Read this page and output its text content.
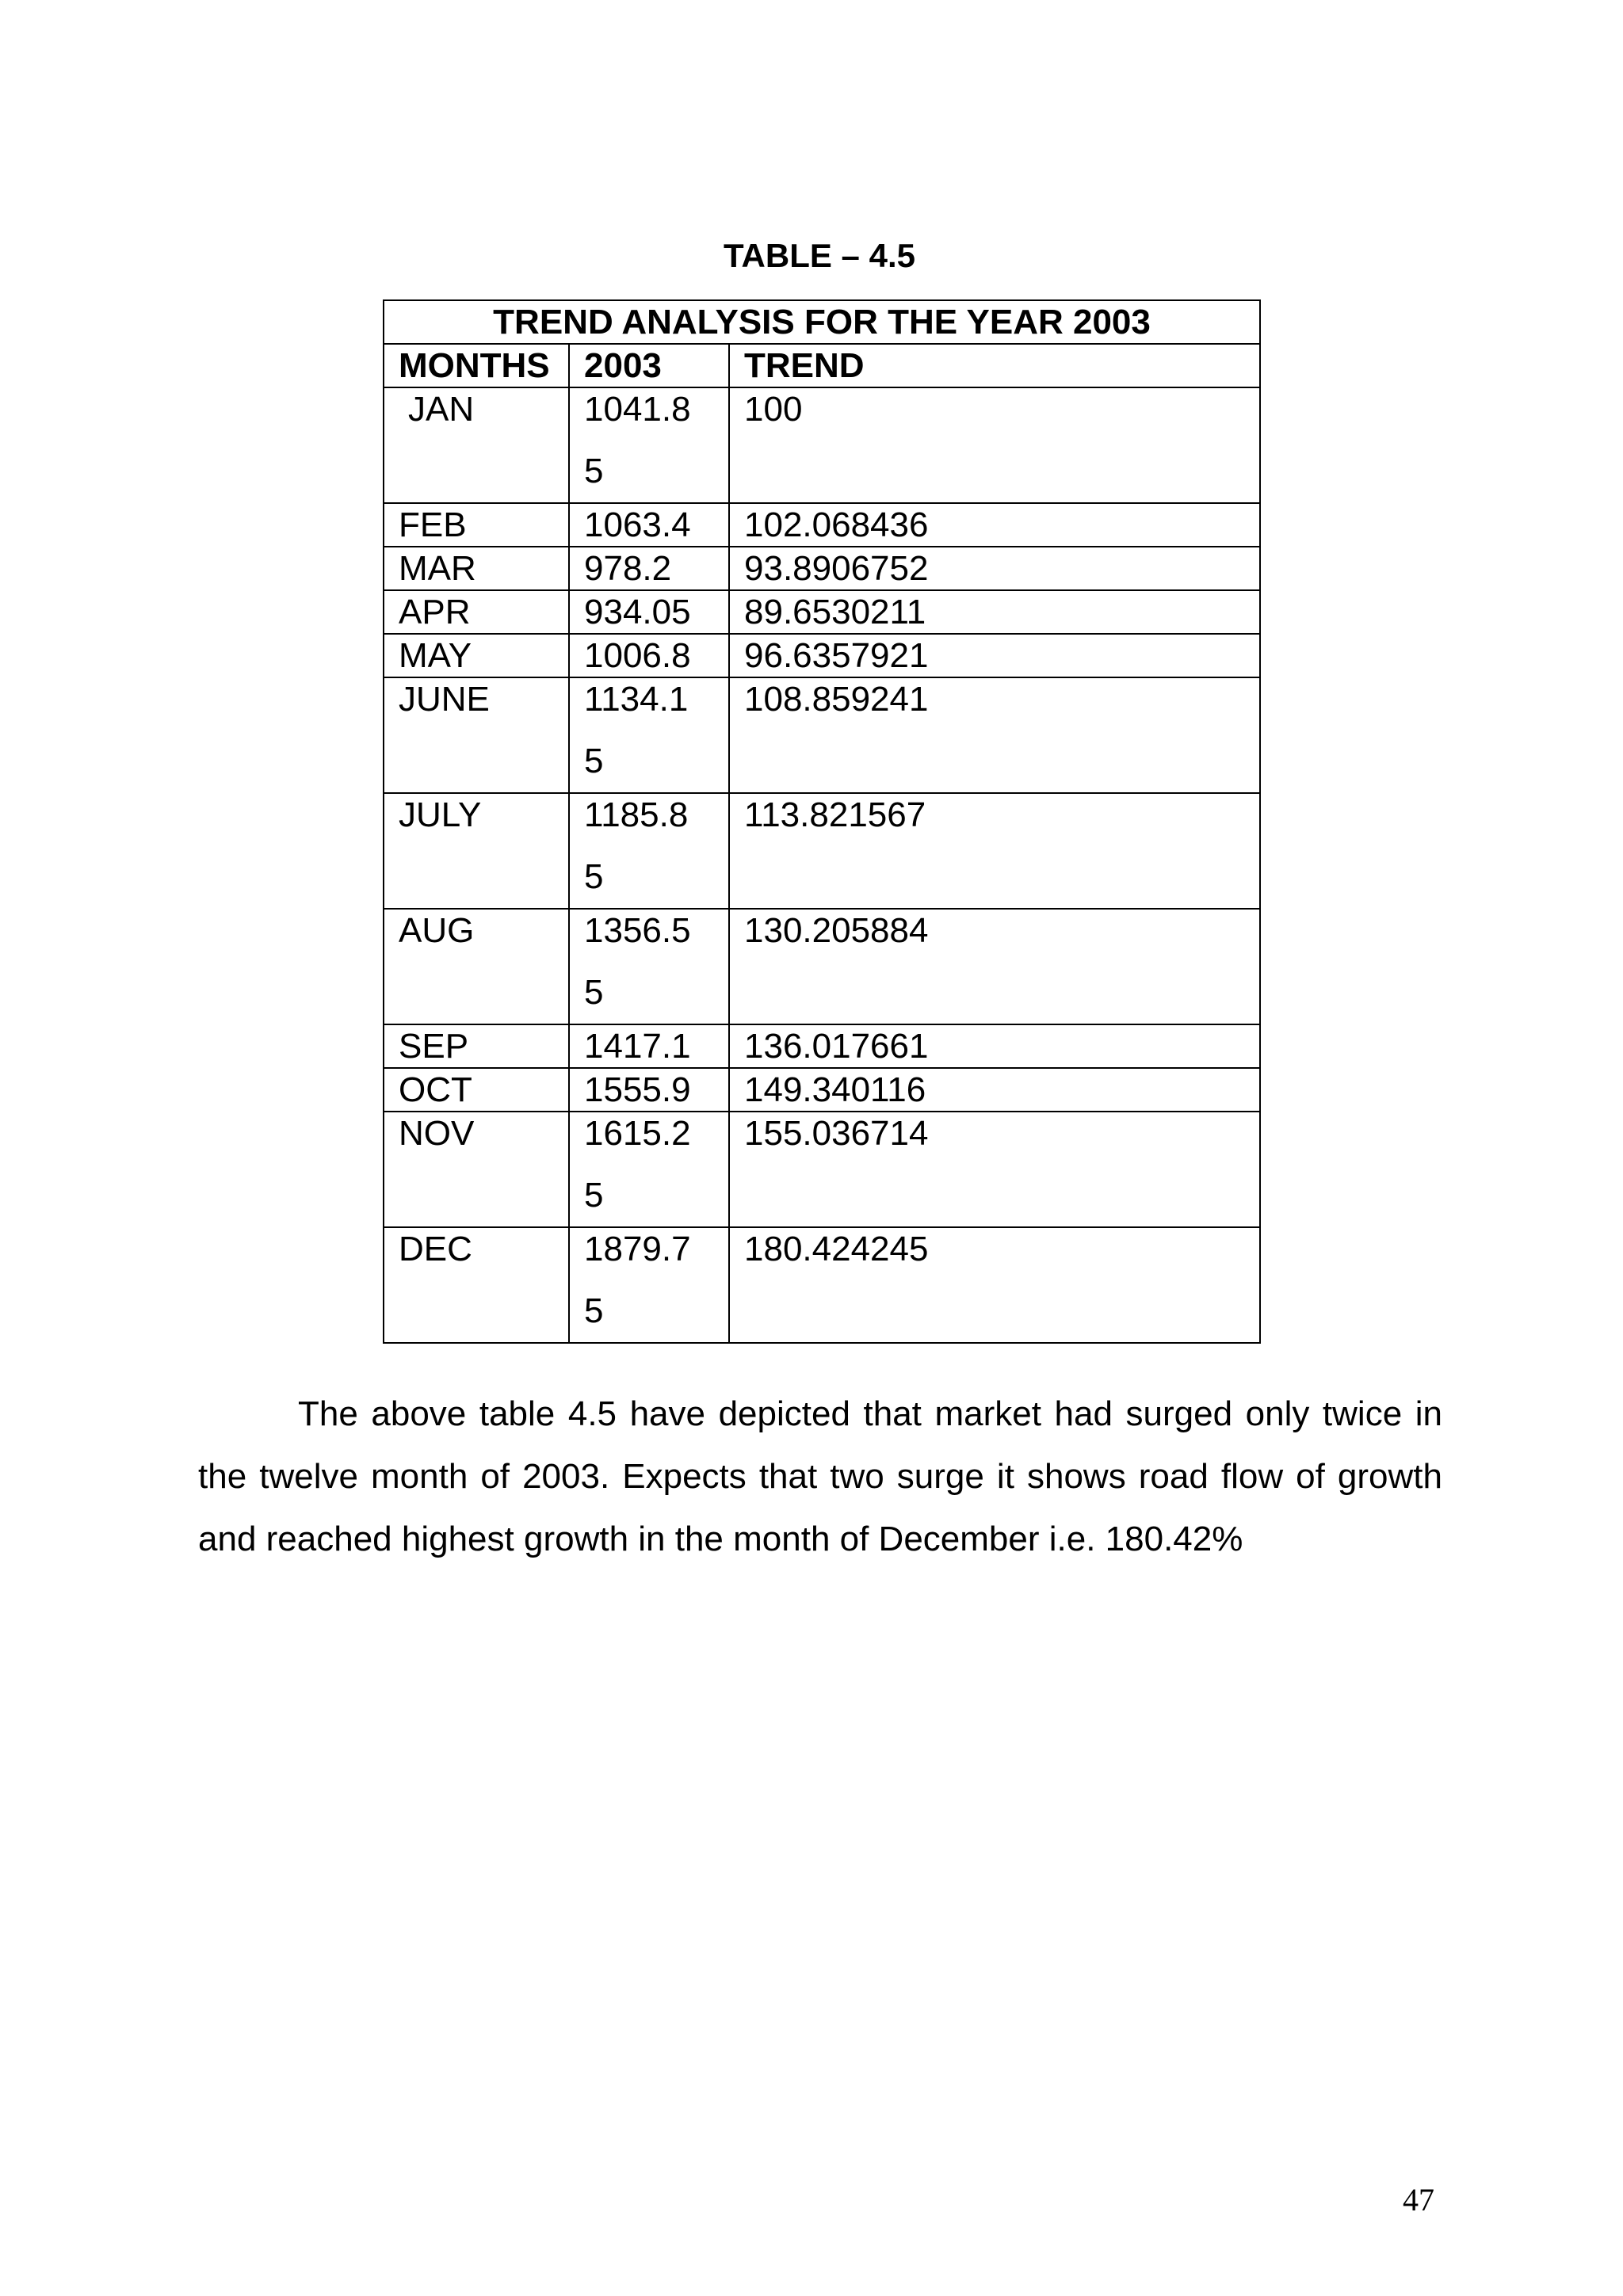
TABLE – 4.5
TREND ANALYSIS FOR THE YEAR 2003		
MONTHS	2003	TREND
JAN	1041.85	100
FEB	1063.4	102.068436
MAR	978.2	93.8906752
APR	934.05	89.6530211
MAY	1006.8	96.6357921
JUNE	1134.15	108.859241
JULY	1185.85	113.821567
AUG	1356.55	130.205884
SEP	1417.1	136.017661
OCT	1555.9	149.340116
NOV	1615.25	155.036714
DEC	1879.75	180.424245

The above table 4.5 have depicted that market had surged only twice in the twelve month of 2003. Expects that two surge it shows road flow of growth and reached highest growth in the month of December i.e. 180.42%

47
